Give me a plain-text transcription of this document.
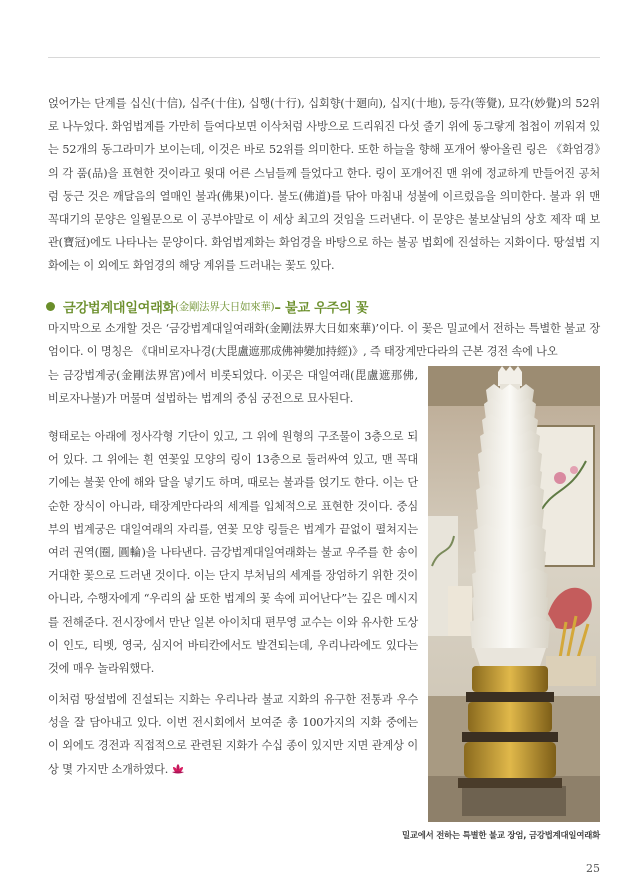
얹어가는 단계를 십신(十信), 십주(十住), 십행(十行), 십회향(十廻向), 십지(十地), 등각(等覺), 묘각(妙覺)의 52위로 나누었다. 화엄법계를 가만히 들여다보면 이삭처럼 사방으로 드리워진 다섯 줄기 위에 동그랗게 첩첩이 끼워져 있는 52개의 동그라미가 보이는데, 이것은 바로 52위를 의미한다. 또한 하늘을 향해 포개어 쌓아올린 링은 《화엄경》의 각 품(品)을 표현한 것이라고 윗대 어른 스님들께 들었다고 한다. 링이 포개어진 맨 위에 정교하게 만들어진 공처럼 둥근 것은 깨달음의 열매인 불과(佛果)이다. 불도(佛道)를 닦아 마침내 성불에 이르렀음을 의미한다. 불과 위 맨 꼭대기의 문양은 일월문으로 이 공부야말로 이 세상 최고의 것임을 드러낸다. 이 문양은 불보살님의 상호 제작 때 보관(寶冠)에도 나타나는 문양이다. 화엄법계화는 화엄경을 바탕으로 하는 불공 법회에 진설하는 지화이다. 땅설법 지화에는 이 외에도 화엄경의 해당 계위를 드러내는 꽃도 있다.

금강법계대일여래화 (金剛法界大日如來華) – 불교 우주의 꽃

마지막으로 소개할 것은 ‘금강법계대일여래화(金剛法界大日如來華)’이다. 이 꽃은 밀교에서 전하는 특별한 불교 장엄이다. 이 명칭은 《대비로자나경(大毘盧遮那成佛神變加持經)》, 즉 태장계만다라의 근본 경전 속에 나오

는 금강법계궁(金剛法界宮)에서 비롯되었다. 이곳은 대일여래(毘盧遮那佛, 비로자나불)가 머물며 설법하는 법계의 중심 궁전으로 묘사된다.

형태로는 아래에 정사각형 기단이 있고, 그 위에 원형의 구조물이 3층으로 되어 있다. 그 위에는 흰 연꽃잎 모양의 링이 13층으로 둘러싸여 있고, 맨 꼭대기에는 불꽃 안에 해와 달을 넣기도 하며, 때로는 불과를 얹기도 한다. 이는 단순한 장식이 아니라, 태장계만다라의 세계를 입체적으로 표현한 것이다. 중심부의 법계궁은 대일여래의 자리를, 연꽃 모양 링들은 법계가 끝없이 펼쳐지는 여러 권역(圈, 圓輪)을 나타낸다. 금강법계대일여래화는 불교 우주를 한 송이 거대한 꽃으로 드러낸 것이다. 이는 단지 부처님의 세계를 장엄하기 위한 것이 아니라, 수행자에게 “우리의 삶 또한 법계의 꽃 속에 피어난다”는 깊은 메시지를 전해준다. 전시장에서 만난 일본 아이치대 편무영 교수는 이와 유사한 도상이 인도, 티벳, 영국, 심지어 바티칸에서도 발견되는데, 우리나라에도 있다는 것에 매우 놀라워했다.

이처럼 땅설법에 진설되는 지화는 우리나라 불교 지화의 유구한 전통과 우수성을 잘 담아내고 있다. 이번 전시회에서 보여준 총 100가지의 지화 중에는 이 외에도 경전과 직접적으로 관련된 지화가 수십 종이 있지만 지면 관계상 이상 몇 가지만 소개하였다.

밀교에서 전하는 특별한 불교 장엄, 금강법계대일여래화
25
